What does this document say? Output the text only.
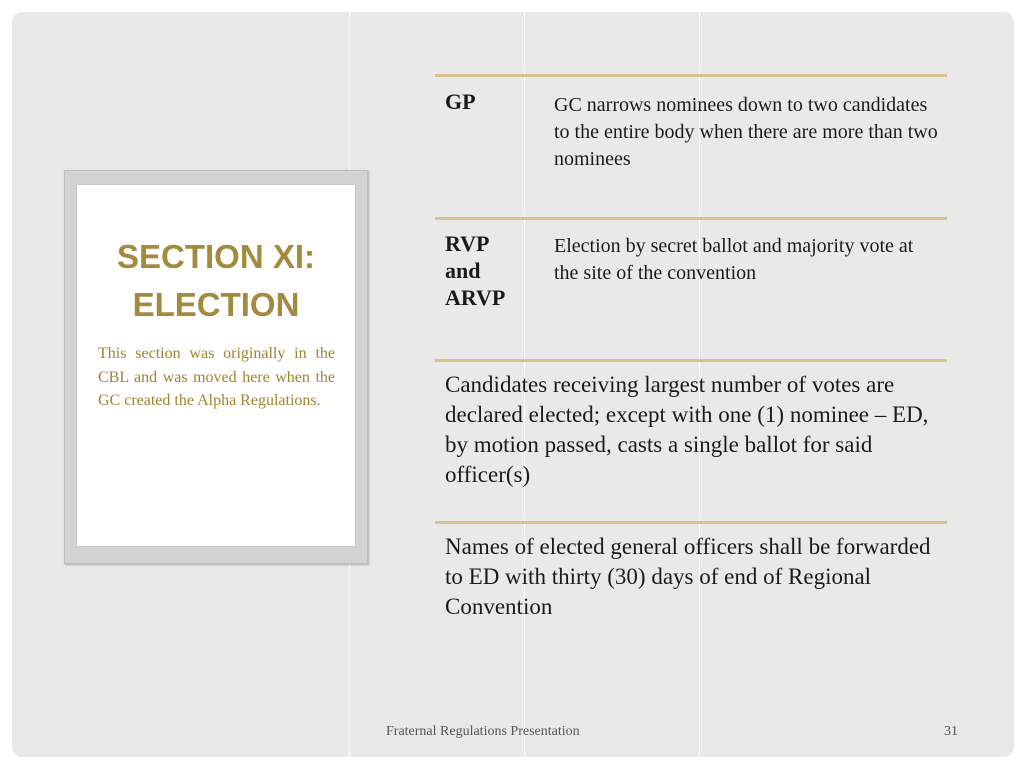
SECTION XI:
ELECTION
This section was originally in the CBL and was moved here when the GC created the Alpha Regulations.
GP	GC narrows nominees down to two candidates to the entire body when there are more than two nominees
RVP and ARVP
Election by secret ballot and majority vote at the site of the convention
Candidates receiving largest number of votes are declared elected; except with one (1) nominee – ED, by motion passed, casts a single ballot for said officer(s)
Names of elected general officers shall be forwarded to ED with thirty (30) days of end of Regional Convention
Fraternal Regulations Presentation	31
